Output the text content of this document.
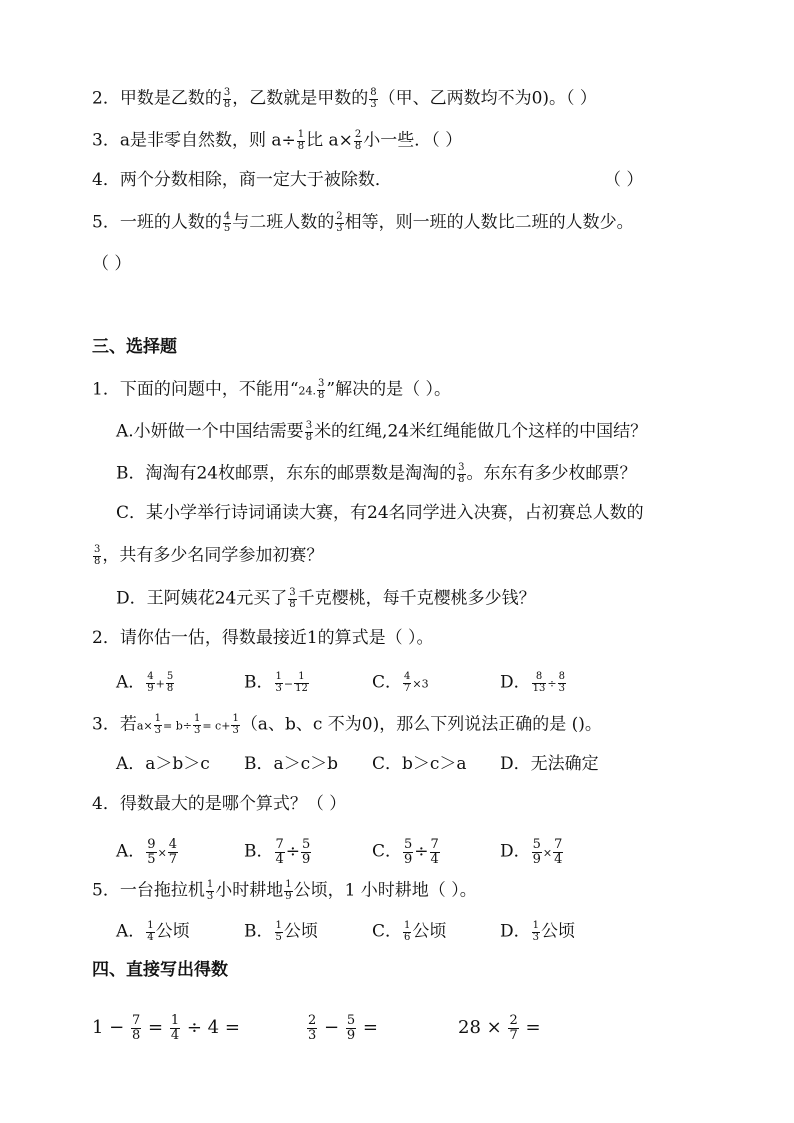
2．甲数是乙数的 $\frac{3}{8}$ ，乙数就是甲数的 $\frac{8}{3}$ （甲、乙两数均不为0)。（ ）
3．a是非零自然数，则 $a\div \frac{1}{8}$ 比 $a\times \frac{2}{8}$ 小一些．（ ）
4．两个分数相除，商一定大于被除数．	（ ）
5．一班的人数的 $\frac{4}{5}$ 与二班人数的 $\frac{2}{3}$ 相等，则一班的人数比二班的人数少。
（ ）
三、选择题
1．下面的问题中，不能用“24. $\frac{3}{8}$ ”解决的是（ ）。
A.小妍做一个中国结需要 $\frac{3}{8}$ 米的红绳,24米红绳能做几个这样的中国结？
B．淘淘有24枚邮票，东东的邮票数是淘淘的 $\frac{3}{8}$ 。东东有多少枚邮票？
C．某小学举行诗词诵读大赛，有24名同学进入决赛，占初赛总人数的
$\frac{3}{8}$ ，共有多少名同学参加初赛？
D．王阿姨花24元买了 $\frac{3}{8}$ 千克樱桃，每千克樱桃多少钱？
2．请你估一估，得数最接近1的算式是（ ）。
A． $\frac{4}{9} + \frac{5}{8}$	B． $\frac{1}{3} - \frac{1}{12}$	C． $\frac{4}{7} \times 3$	D． $\frac{8}{13} \div \frac{8}{3}$
3．若$a\times \frac{1}{3} = b\div \frac{1}{3} = c+ \frac{1}{3} (a$、b、c 不为0)，那么下列说法正确的是 ()。
A．a＞b＞c B．a＞c＞b C．b＞c＞a D．无法确定
4．得数最大的是哪个算式？（ ）
A． $\frac{9}{5} \times \frac{4}{7}$	B． $\frac{7}{4} \div \frac{5}{9}$	C． $\frac{5}{9} \div \frac{7}{4}$	D． $\frac{5}{9} \times \frac{7}{4}$
5．一台拖拉机 $\frac{1}{3}$ 小时耕地 $\frac{1}{9}$ 公顷，1 小时耕地（ ）。
A． $\frac{1}{4}$ 公顷	B． $\frac{1}{5}$ 公顷	C． $\frac{1}{6}$ 公顷	D． $\frac{1}{3}$ 公顷
四、直接写出得数
$1 - \frac{7}{8} = \frac{1}{4} \div 4$ =	$\frac{2}{3} - \frac{5}{9}$ =	$28 \times \frac{2}{7}$ =
